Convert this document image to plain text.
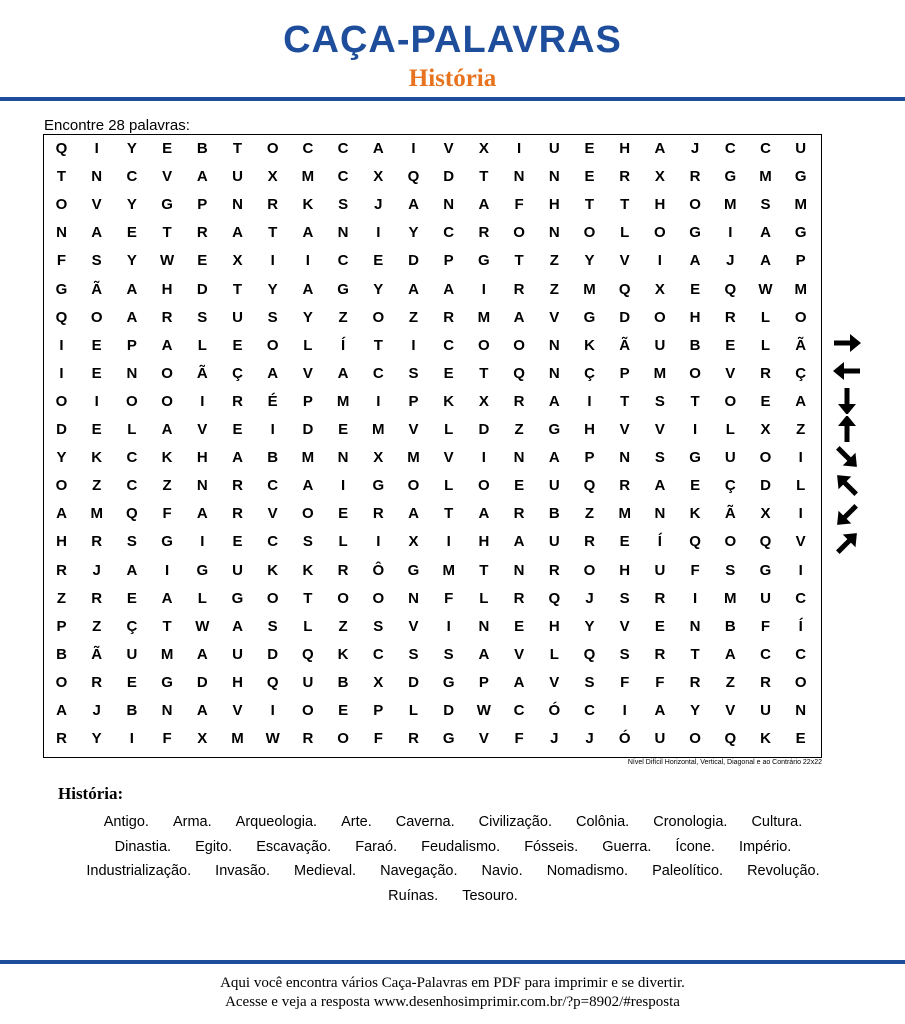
CAÇA-PALAVRAS
História
Encontre 28 palavras:
Q	I	Y	E	B	T	O	C	C	A	I	V	X	I	U	E	H	A	J	C	C	U
T	N	C	V	A	U	X	M	C	X	Q	D	T	N	N	E	R	X	R	G	M	G
O	V	Y	G	P	N	R	K	S	J	A	N	A	F	H	T	T	H	O	M	S	M
N	A	E	T	R	A	T	A	N	I	Y	C	R	O	N	O	L	O	G	I	A	G
F	S	Y	W	E	X	I	I	C	E	D	P	G	T	Z	Y	V	I	A	J	A	P
G	Ã	A	H	D	T	Y	A	G	Y	A	A	I	R	Z	M	Q	X	E	Q	W	M
Q	O	A	R	S	U	S	Y	Z	O	Z	R	M	A	V	G	D	O	H	R	L	O
I	E	P	A	L	E	O	L	Í	T	I	C	O	O	N	K	Ã	U	B	E	L	Ã
I	E	N	O	Ã	Ç	A	V	A	C	S	E	T	Q	N	Ç	P	M	O	V	R	Ç
O	I	O	O	I	R	É	P	M	I	P	K	X	R	A	I	T	S	T	O	E	A
D	E	L	A	V	E	I	D	E	M	V	L	D	Z	G	H	V	V	I	L	X	Z
Y	K	C	K	H	A	B	M	N	X	M	V	I	N	A	P	N	S	G	U	O	I
O	Z	C	Z	N	R	C	A	I	G	O	L	O	E	U	Q	R	A	E	Ç	D	L
A	M	Q	F	A	R	V	O	E	R	A	T	A	R	B	Z	M	N	K	Ã	X	I
H	R	S	G	I	E	C	S	L	I	X	I	H	A	U	R	E	Í	Q	O	Q	V
R	J	A	I	G	U	K	K	R	Ô	G	M	T	N	R	O	H	U	F	S	G	I
Z	R	E	A	L	G	O	T	O	O	N	F	L	R	Q	J	S	R	I	M	U	C
P	Z	Ç	T	W	A	S	L	Z	S	V	I	N	E	H	Y	V	E	N	B	F	Í
B	Ã	U	M	A	U	D	Q	K	C	S	S	A	V	L	Q	S	R	T	A	C	C
O	R	E	G	D	H	Q	U	B	X	D	G	P	A	V	S	F	F	R	Z	R	O
A	J	B	N	A	V	I	O	E	P	L	D	W	C	Ó	C	I	A	Y	V	U	N
R	Y	I	F	X	M	W	R	O	F	R	G	V	F	J	J	Ó	U	O	Q	K	E
Nível Difícil Horizontal, Vertical, Diagonal e ao Contrário 22x22
História:
Antigo. Arma. Arqueologia. Arte. Caverna. Civilização. Colônia. Cronologia. Cultura. Dinastia. Egito. Escavação. Faraó. Feudalismo. Fósseis. Guerra. Ícone. Império. Industrialização. Invasão. Medieval. Navegação. Navio. Nomadismo. Paleolítico. Revolução. Ruínas. Tesouro.
Aqui você encontra vários Caça-Palavras em PDF para imprimir e se divertir.
Acesse e veja a resposta www.desenhosimprimir.com.br/?p=8902/#resposta
